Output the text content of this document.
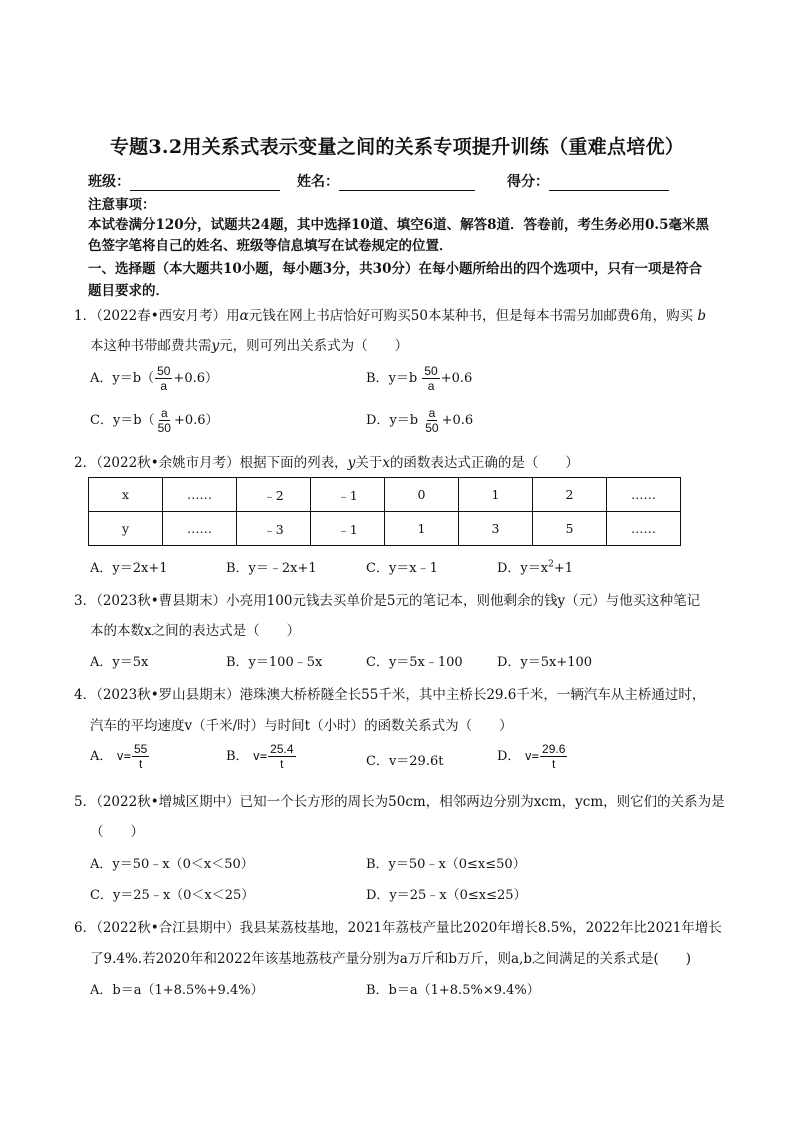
专题3.2用关系式表示变量之间的关系专项提升训练（重难点培优）
班级：	姓名：	得分：
注意事项：
本试卷满分120分，试题共24题，其中选择10道、填空6道、解答8道．答卷前，考生务必用0.5毫米黑
色签字笔将自己的姓名、班级等信息填写在试卷规定的位置．
一、选择题（本大题共10小题，每小题3分，共30分）在每小题所给出的四个选项中，只有一项是符合
题目要求的．
1．（2022春•西安月考）用α元钱在网上书店恰好可购买50本某种书，但是每本书需另加邮费6角，购买 b
本这种书带邮费共需y元，则可列出关系式为（　　）
A．$y=b( \frac{50}{a} +0.6)$	B．$y=b \frac{50}{a} +0.6$
C．$y=b( \frac{a}{50} +0.6)$	D．$y=b \frac{a}{50} +0.6$
2．（2022秋•余姚市月考）根据下面的列表，y关于x的函数表达式正确的是（　　）
x	……	﹣2	﹣1	0	1	2	……
y	……	﹣3	﹣1	1	3	5	……
A．y＝2x+1	B．y＝﹣2x+1	C．y＝x﹣1	D．$y=x^2+1$
3．（2023秋•曹县期末）小亮用100元钱去买单价是5元的笔记本，则他剩余的钱y（元）与他买这种笔记
本的本数x之间的表达式是（　　）
A．y＝5x	B．y＝100﹣5x	C．y＝5x﹣100	D．y＝5x+100
4．（2023秋•罗山县期末）港珠澳大桥桥隧全长55千米，其中主桥长29.6千米，一辆汽车从主桥通过时，
汽车的平均速度v（千米/时）与时间t（小时）的函数关系式为（　　）
A． $v= \frac{55}{t}$	B． $v= \frac{25.4}{t}$	C．v＝29.6t	D． $v= \frac{29.6}{t}$
5．（2022秋•增城区期中）已知一个长方形的周长为50cm，相邻两边分别为xcm，ycm，则它们的关系为是
（　　）
A．y＝50﹣x（0＜x＜50）	B．y＝50﹣x（0≤x≤50）
C．y＝25﹣x（0＜x＜25）	D．y＝25﹣x（0≤x≤25）
6．（2022秋•合江县期中）我县某荔枝基地，2021年荔枝产量比2020年增长8.5%，2022年比2021年增长
了9.4%.若2020年和2022年该基地荔枝产量分别为a万斤和b万斤，则a,b之间满足的关系式是(　　)
A．b＝a（1+8.5%+9.4%）	B．b＝a（1+8.5%×9.4%）
